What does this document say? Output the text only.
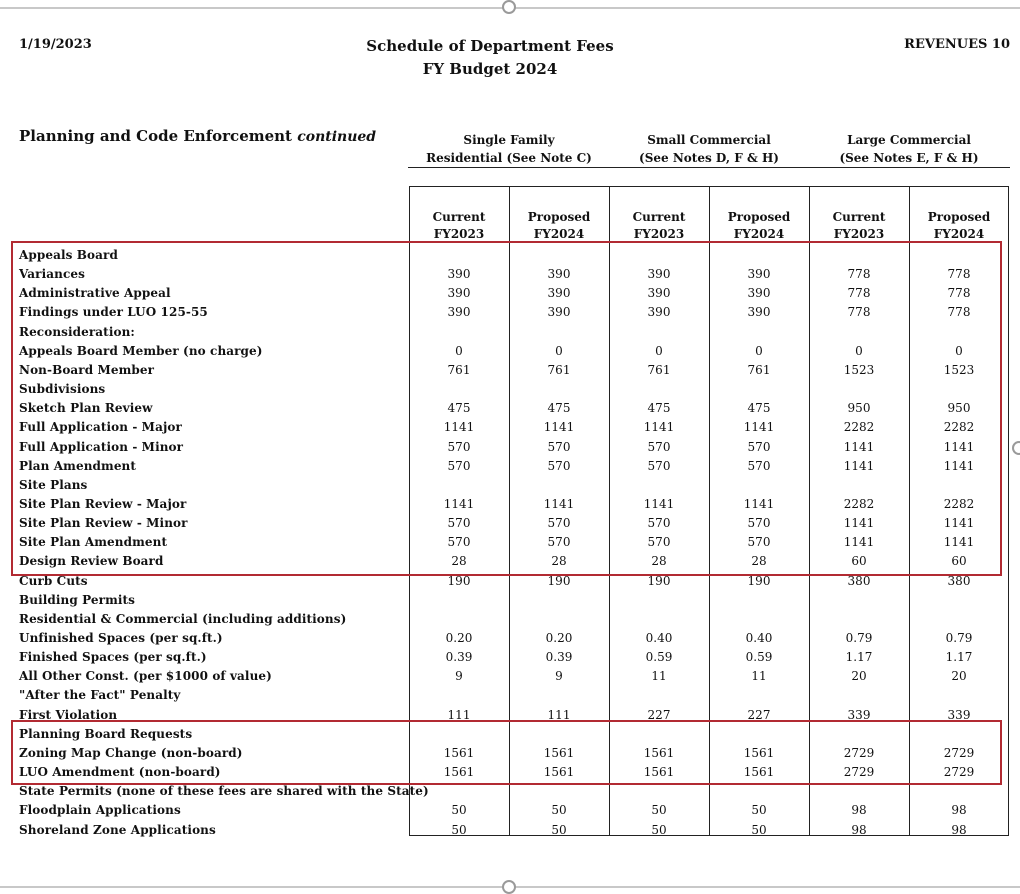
1/19/2023	Schedule of Department Fees
FY Budget 2024
REVENUES 10
Planning and Code Enforcement continued	Single Family
Residential (See Note C)
Small Commercial
(See Notes D, F & H)
Large Commercial
(See Notes E, F & H)
Current
FY2023
Proposed
FY2024
Current
FY2023
Proposed
FY2024
Current
FY2023
Proposed
FY2024
Appeals Board
Variances	390	390	390	390	778	778
Administrative Appeal	390	390	390	390	778	778
Findings under LUO 125-55	390	390	390	390	778	778
Reconsideration:
Appeals Board Member (no charge)	0	0	0	0	0	0
Non-Board Member	761	761	761	761	1523	1523
Subdivisions
Sketch Plan Review	475	475	475	475	950	950
Full Application - Major	1141	1141	1141	1141	2282	2282
Full Application - Minor	570	570	570	570	1141	1141
Plan Amendment	570	570	570	570	1141	1141
Site Plans
Site Plan Review - Major	1141	1141	1141	1141	2282	2282
Site Plan Review - Minor	570	570	570	570	1141	1141
Site Plan Amendment	570	570	570	570	1141	1141
Design Review Board	28	28	28	28	60	60
Curb Cuts	190	190	190	190	380	380
Building Permits
Residential & Commercial (including additions)
Unfinished Spaces (per sq.ft.)	0.20	0.20	0.40	0.40	0.79	0.79
Finished Spaces (per sq.ft.)	0.39	0.39	0.59	0.59	1.17	1.17
All Other Const. (per $1000 of value)	9	9	11	11	20	20
"After the Fact" Penalty
First Violation	111	111	227	227	339	339
Planning Board Requests
Zoning Map Change (non-board)	1561	1561	1561	1561	2729	2729
LUO Amendment (non-board)	1561	1561	1561	1561	2729	2729
State Permits (none of these fees are shared with the State)
Floodplain Applications	50	50	50	50	98	98
Shoreland Zone Applications	50	50	50	50	98	98
